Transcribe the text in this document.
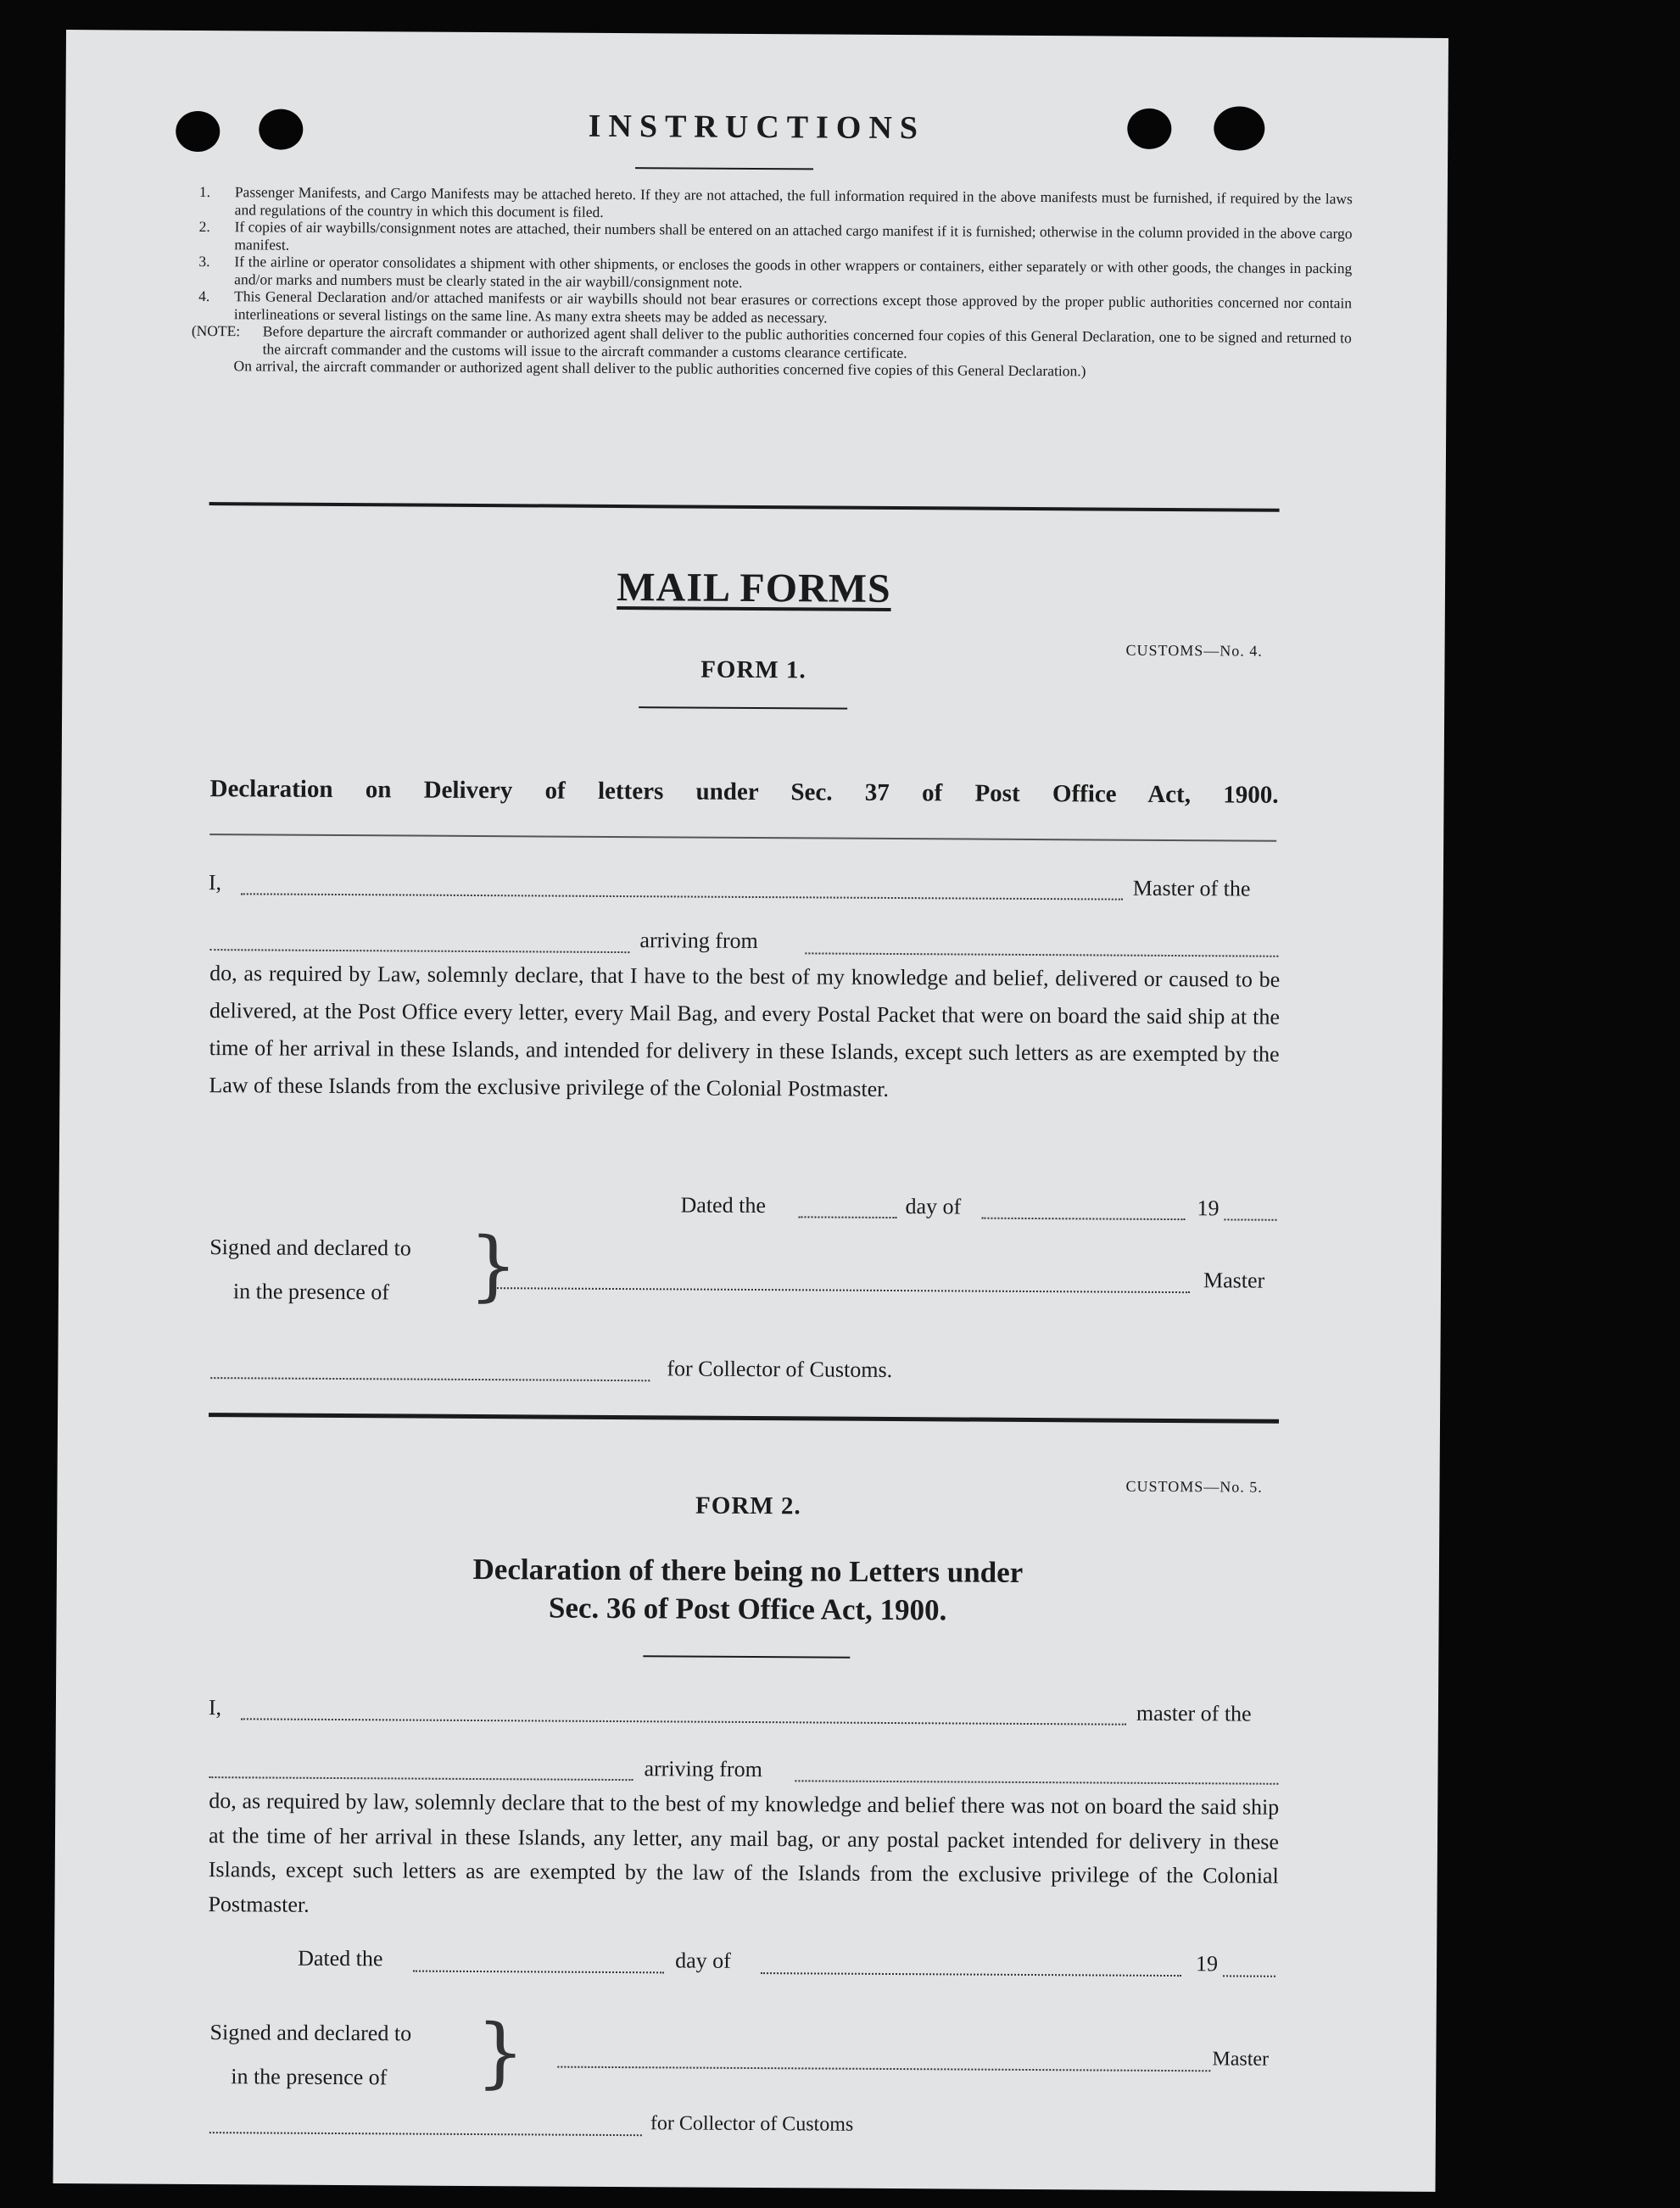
INSTRUCTIONS
1. Passenger Manifests, and Cargo Manifests may be attached hereto. If they are not attached, the full information required in the above manifests must be furnished, if required by the laws and regulations of the country in which this document is filed.
2. If copies of air waybills/consignment notes are attached, their numbers shall be entered on an attached cargo manifest if it is furnished; otherwise in the column provided in the above cargo manifest.
3. If the airline or operator consolidates a shipment with other shipments, or encloses the goods in other wrappers or containers, either separately or with other goods, the changes in packing and/or marks and numbers must be clearly stated in the air waybill/consignment note.
4. This General Declaration and/or attached manifests or air waybills should not bear erasures or corrections except those approved by the proper public authorities concerned nor contain interlineations or several listings on the same line. As many extra sheets may be added as necessary.
(NOTE:	Before departure the aircraft commander or authorized agent shall deliver to the public authorities concerned four copies of this General Declaration, one to be signed and returned to the aircraft commander and the customs will issue to the aircraft commander a customs clearance certificate.
On arrival, the aircraft commander or authorized agent shall deliver to the public authorities concerned five copies of this General Declaration.)
MAIL FORMS
CUSTOMS—No. 4.
FORM 1.
Declaration on Delivery of letters under Sec. 37 of Post Office Act, 1900.
I,	Master of the
arriving from
do, as required by Law, solemnly declare, that I have to the best of my knowledge and belief, delivered or caused to be delivered, at the Post Office every letter, every Mail Bag, and every Postal Packet that were on board the said ship at the time of her arrival in these Islands, and intended for delivery in these Islands, except such letters as are exempted by the Law of these Islands from the exclusive privilege of the Colonial Postmaster.
Dated the	day of	19
Signed and declared to
in the presence of }	Master
for Collector of Customs.
CUSTOMS—No. 5.
FORM 2.
Declaration of there being no Letters under
Sec. 36 of Post Office Act, 1900.
I,	master of the
arriving from
do, as required by law, solemnly declare that to the best of my knowledge and belief there was not on board the said ship at the time of her arrival in these Islands, any letter, any mail bag, or any postal packet intended for delivery in these Islands, except such letters as are exempted by the law of the Islands from the exclusive privilege of the Colonial Postmaster.
Dated the	day of	19
Signed and declared to
in the presence of }	Master
for Collector of Customs
